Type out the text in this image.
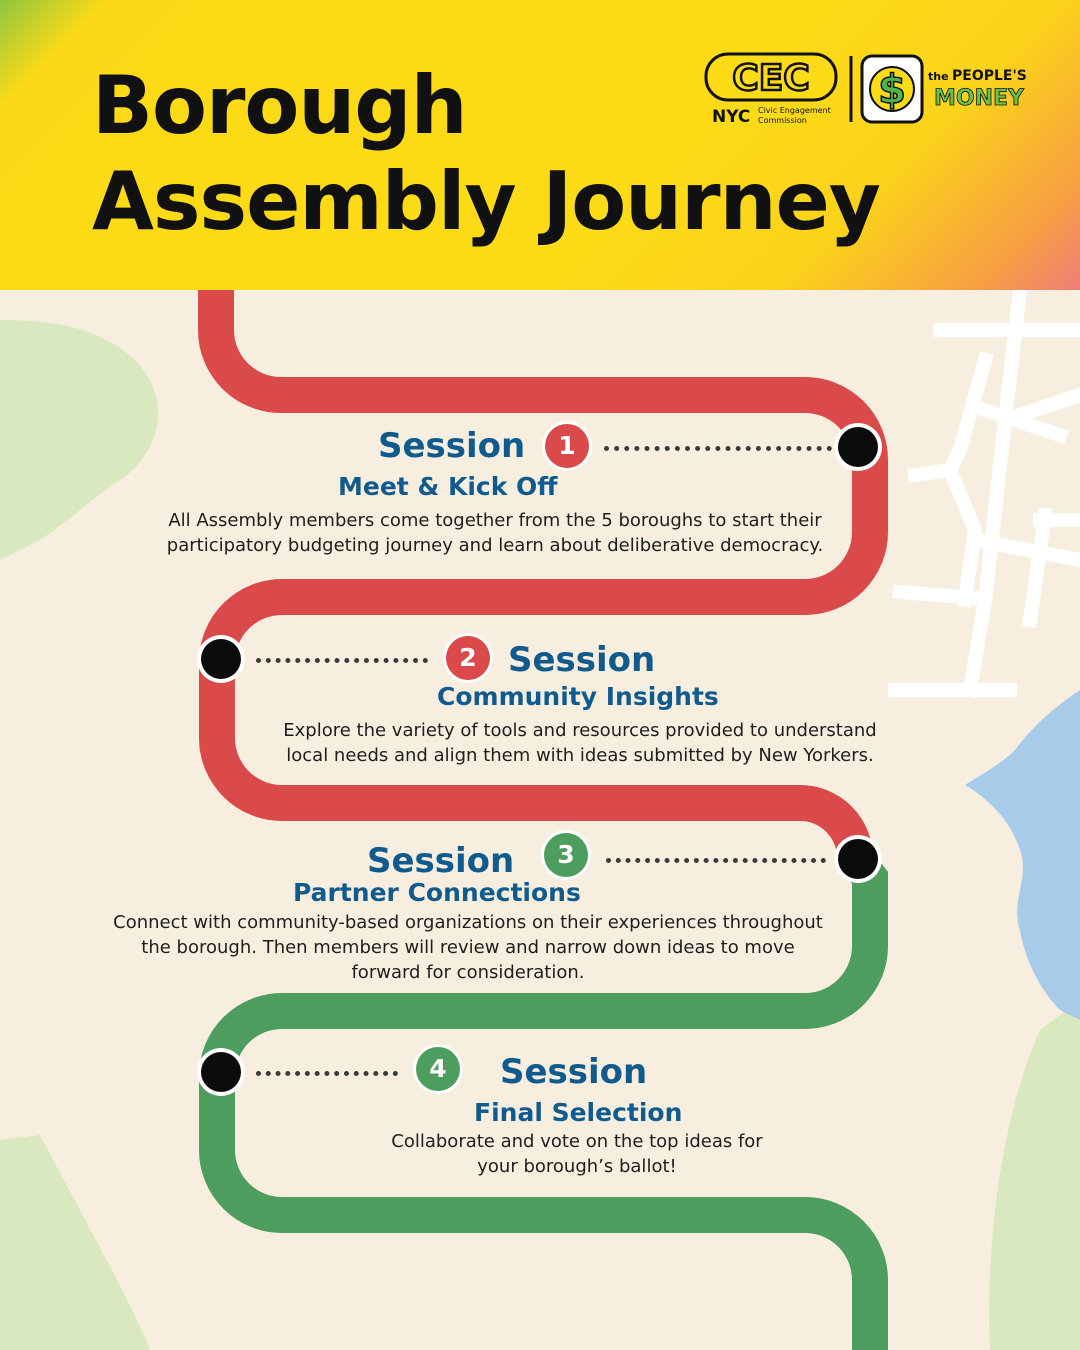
Borough
Assembly Journey
CEC
NYC Civic Engagement
Commission
$ the PEOPLE'S
MONEY
Session	1
Meet & Kick Off
All Assembly members come together from the 5 boroughs to start their
participatory budgeting journey and learn about deliberative democracy.
2 Session
Community Insights
Explore the variety of tools and resources provided to understand
local needs and align them with ideas submitted by New Yorkers.
Session	3
Partner Connections
Connect with community-based organizations on their experiences throughout
the borough. Then members will review and narrow down ideas to move
forward for consideration.
4	Session
Final Selection
Collaborate and vote on the top ideas for
your borough’s ballot!
